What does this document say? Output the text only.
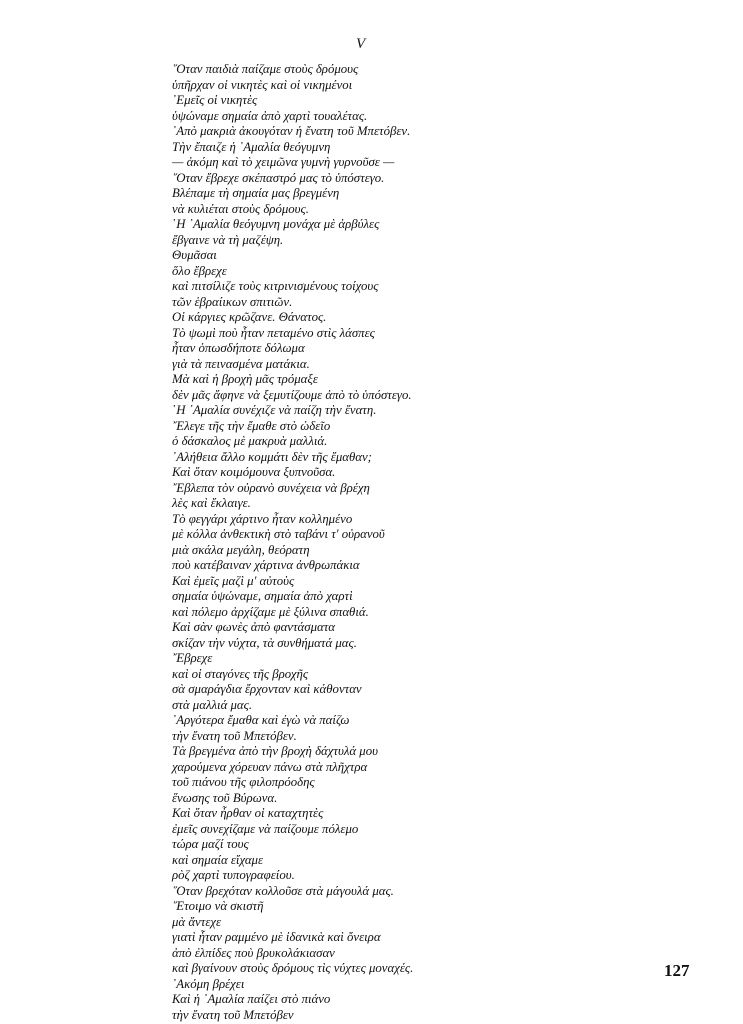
V
῞Οταν παιδιὰ παίζαμε στοὺς δρόμους
ὑπῆρχαν οἱ νικητὲς καὶ οἱ νικημένοι
᾿Εμεῖς οἱ νικητὲς
ὑψώναμε σημαία ἀπὸ χαρτὶ τουαλέτας.
᾿Απὸ μακριὰ ἀκουγόταν ἡ ἔνατη τοῦ Μπετόβεν.
Τὴν ἔπαιζε ἡ ᾿Αμαλία θεόγυμνη
— ἀκόμη καὶ τὸ χειμῶνα γυμνὴ γυρνοῦσε —
῞Οταν ἔβρεχε σκέπαστρό μας τὸ ὑπόστεγο.
Βλέπαμε τὴ σημαία μας βρεγμένη
νὰ κυλιέται στοὺς δρόμους.
῾Η ᾿Αμαλία θεόγυμνη μονάχα μὲ ἀρβύλες
ἔβγαινε νὰ τὴ μαζέψη.
Θυμᾶσαι
ὅλο ἔβρεχε
καὶ πιτσίλιζε τοὺς κιτρινισμένους τοίχους
τῶν ἑβραίικων σπιτιῶν.
Οἱ κάργιες κρῶζανε. Θάνατος.
Τὸ ψωμὶ ποὺ ἦταν πεταμένο στὶς λάσπες
ἦταν ὁπωσδήποτε δόλωμα
γιὰ τὰ πεινασμένα ματάκια.
Μὰ καὶ ἡ βροχὴ μᾶς τρόμαξε
δὲν μᾶς ἄφηνε νὰ ξεμυτίζουμε ἀπὸ τὸ ὑπόστεγο.
῾Η ᾿Αμαλία συνέχιζε νὰ παίζη τὴν ἔνατη.
῎Ελεγε τῆς τὴν ἔμαθε στὸ ὠδεῖο
ὁ δάσκαλος μὲ μακρυὰ μαλλιά.
᾿Αλήθεια ἄλλο κομμάτι δὲν τῆς ἔμαθαν;
Καὶ ὅταν κοιμόμουνα ξυπνοῦσα.
῎Εβλεπα τὸν οὐρανὸ συνέχεια νὰ βρέχη
λὲς καὶ ἔκλαιγε.
Τὸ φεγγάρι χάρτινο ἦταν κολλημένο
μὲ κόλλα ἀνθεκτικὴ στὸ ταβάνι τ' οὐρανοῦ
μιὰ σκάλα μεγάλη, θεόρατη
ποὺ κατέβαιναν χάρτινα ἀνθρωπάκια
Καὶ ἐμεῖς μαζὶ μ' αὐτοὺς
σημαία ὑψώναμε, σημαία ἀπὸ χαρτὶ
καὶ πόλεμο ἀρχίζαμε μὲ ξύλινα σπαθιά.
Καὶ σὰν φωνὲς ἀπὸ φαντάσματα
σκίζαν τὴν νύχτα, τὰ συνθήματά μας.
῎Εβρεχε
καὶ οἱ σταγόνες τῆς βροχῆς
σὰ σμαράγδια ἔρχονταν καὶ κάθονταν
στὰ μαλλιά μας.
᾿Αργότερα ἔμαθα καὶ ἐγὼ νὰ παίζω
τὴν ἔνατη τοῦ Μπετόβεν.
Τὰ βρεγμένα ἀπὸ τὴν βροχὴ δάχτυλά μου
χαρούμενα χόρευαν πάνω στὰ πλῆχτρα
τοῦ πιάνου τῆς φιλοπρόοδης
ἕνωσης τοῦ Βύρωνα.
Καὶ ὅταν ἦρθαν οἱ καταχτητὲς
ἐμεῖς συνεχίζαμε νὰ παίζουμε πόλεμο
τώρα μαζί τους
καὶ σημαία εἴχαμε
ρὸζ χαρτὶ τυπογραφείου.
῞Οταν βρεχόταν κολλοῦσε στὰ μάγουλά μας.
῞Ετοιμο νὰ σκιστῆ
μὰ ἄντεχε
γιατὶ ἦταν ραμμένο μὲ ἰδανικὰ καὶ ὄνειρα
ἀπὸ ἐλπίδες ποὺ βρυκολάκιασαν
καὶ βγαίνουν στοὺς δρόμους τὶς νύχτες μοναχές.
᾿Ακόμη βρέχει
Καὶ ἡ ᾿Αμαλία παίζει στὸ πιάνο
τὴν ἔνατη τοῦ Μπετόβεν
127
